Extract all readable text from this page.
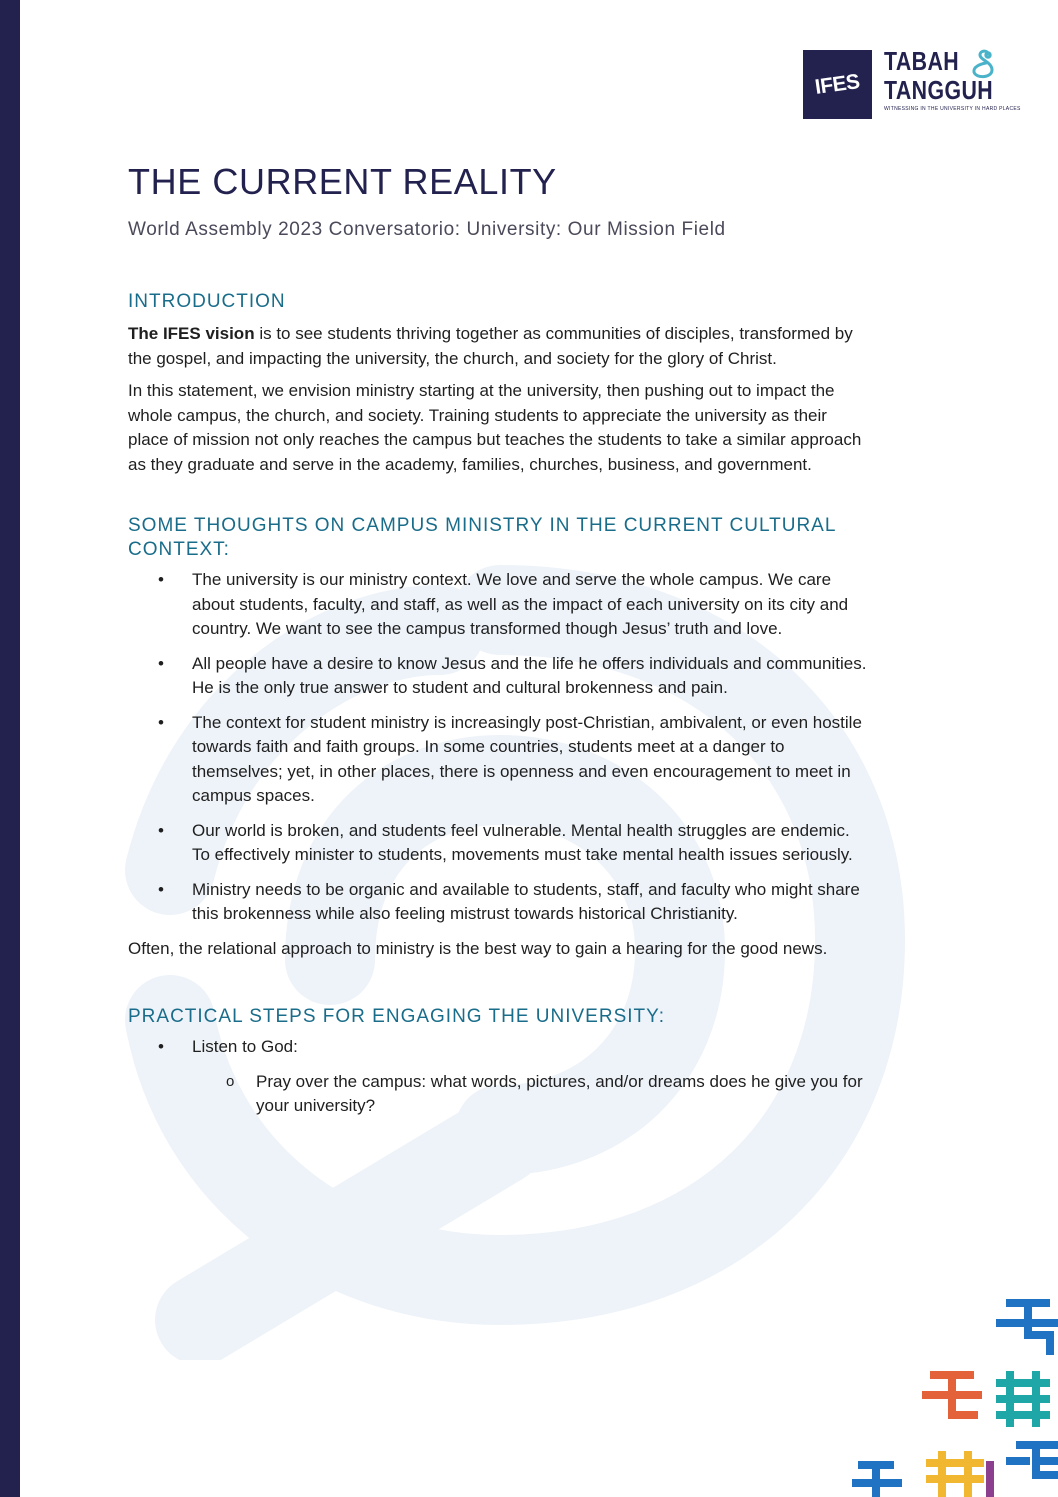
IFES
TABAH
TANGGUH
WITNESSING IN THE UNIVERSITY IN HARD PLACES
THE CURRENT REALITY
World Assembly 2023 Conversatorio: University: Our Mission Field
INTRODUCTION

The IFES vision is to see students thriving together as communities of disciples, transformed by the gospel, and impacting the university, the church, and society for the glory of Christ.

In this statement, we envision ministry starting at the university, then pushing out to impact the whole campus, the church, and society. Training students to appreciate the university as their place of mission not only reaches the campus but teaches the students to take a similar approach as they graduate and serve in the academy, families, churches, business, and government.

SOME THOUGHTS ON CAMPUS MINISTRY IN THE CURRENT CULTURAL CONTEXT:
• The university is our ministry context. We love and serve the whole campus. We care about students, faculty, and staff, as well as the impact of each university on its city and country. We want to see the campus transformed though Jesus’ truth and love.
• All people have a desire to know Jesus and the life he offers individuals and communities. He is the only true answer to student and cultural brokenness and pain.
• The context for student ministry is increasingly post-Christian, ambivalent, or even hostile towards faith and faith groups. In some countries, students meet at a danger to themselves; yet, in other places, there is openness and even encouragement to meet in campus spaces.
• Our world is broken, and students feel vulnerable. Mental health struggles are endemic. To effectively minister to students, movements must take mental health issues seriously.
• Ministry needs to be organic and available to students, staff, and faculty who might share this brokenness while also feeling mistrust towards historical Christianity.

Often, the relational approach to ministry is the best way to gain a hearing for the good news.

PRACTICAL STEPS FOR ENGAGING THE UNIVERSITY:
• Listen to God:
o Pray over the campus: what words, pictures, and/or dreams does he give you for your university?
